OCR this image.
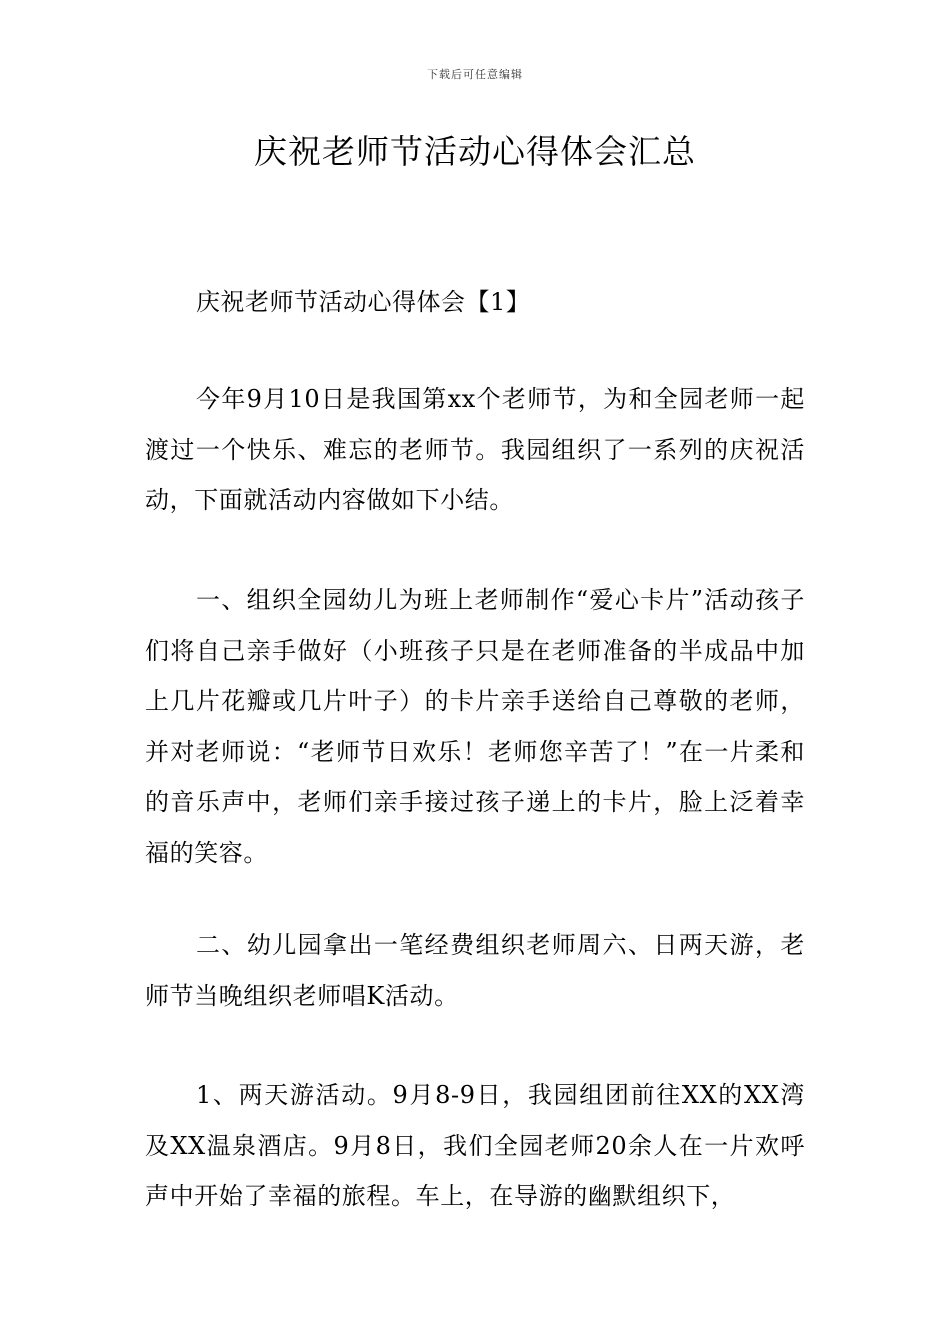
下载后可任意编辑
庆祝老师节活动心得体会汇总
庆祝老师节活动心得体会【1】

今年9月10日是我国第xx个老师节，为和全园老师一起渡过一个快乐、难忘的老师节。我园组织了一系列的庆祝活动，下面就活动内容做如下小结。

一、组织全园幼儿为班上老师制作“爱心卡片”活动孩子们将自己亲手做好（小班孩子只是在老师准备的半成品中加上几片花瓣或几片叶子）的卡片亲手送给自己尊敬的老师，并对老师说：“老师节日欢乐！老师您辛苦了！”在一片柔和的音乐声中，老师们亲手接过孩子递上的卡片，脸上泛着幸福的笑容。

二、幼儿园拿出一笔经费组织老师周六、日两天游，老师节当晚组织老师唱K活动。

1、两天游活动。9月8-9日，我园组团前往XX的XX湾及XX温泉酒店。9月8日，我们全园老师20余人在一片欢呼声中开始了幸福的旅程。车上，在导游的幽默组织下，
